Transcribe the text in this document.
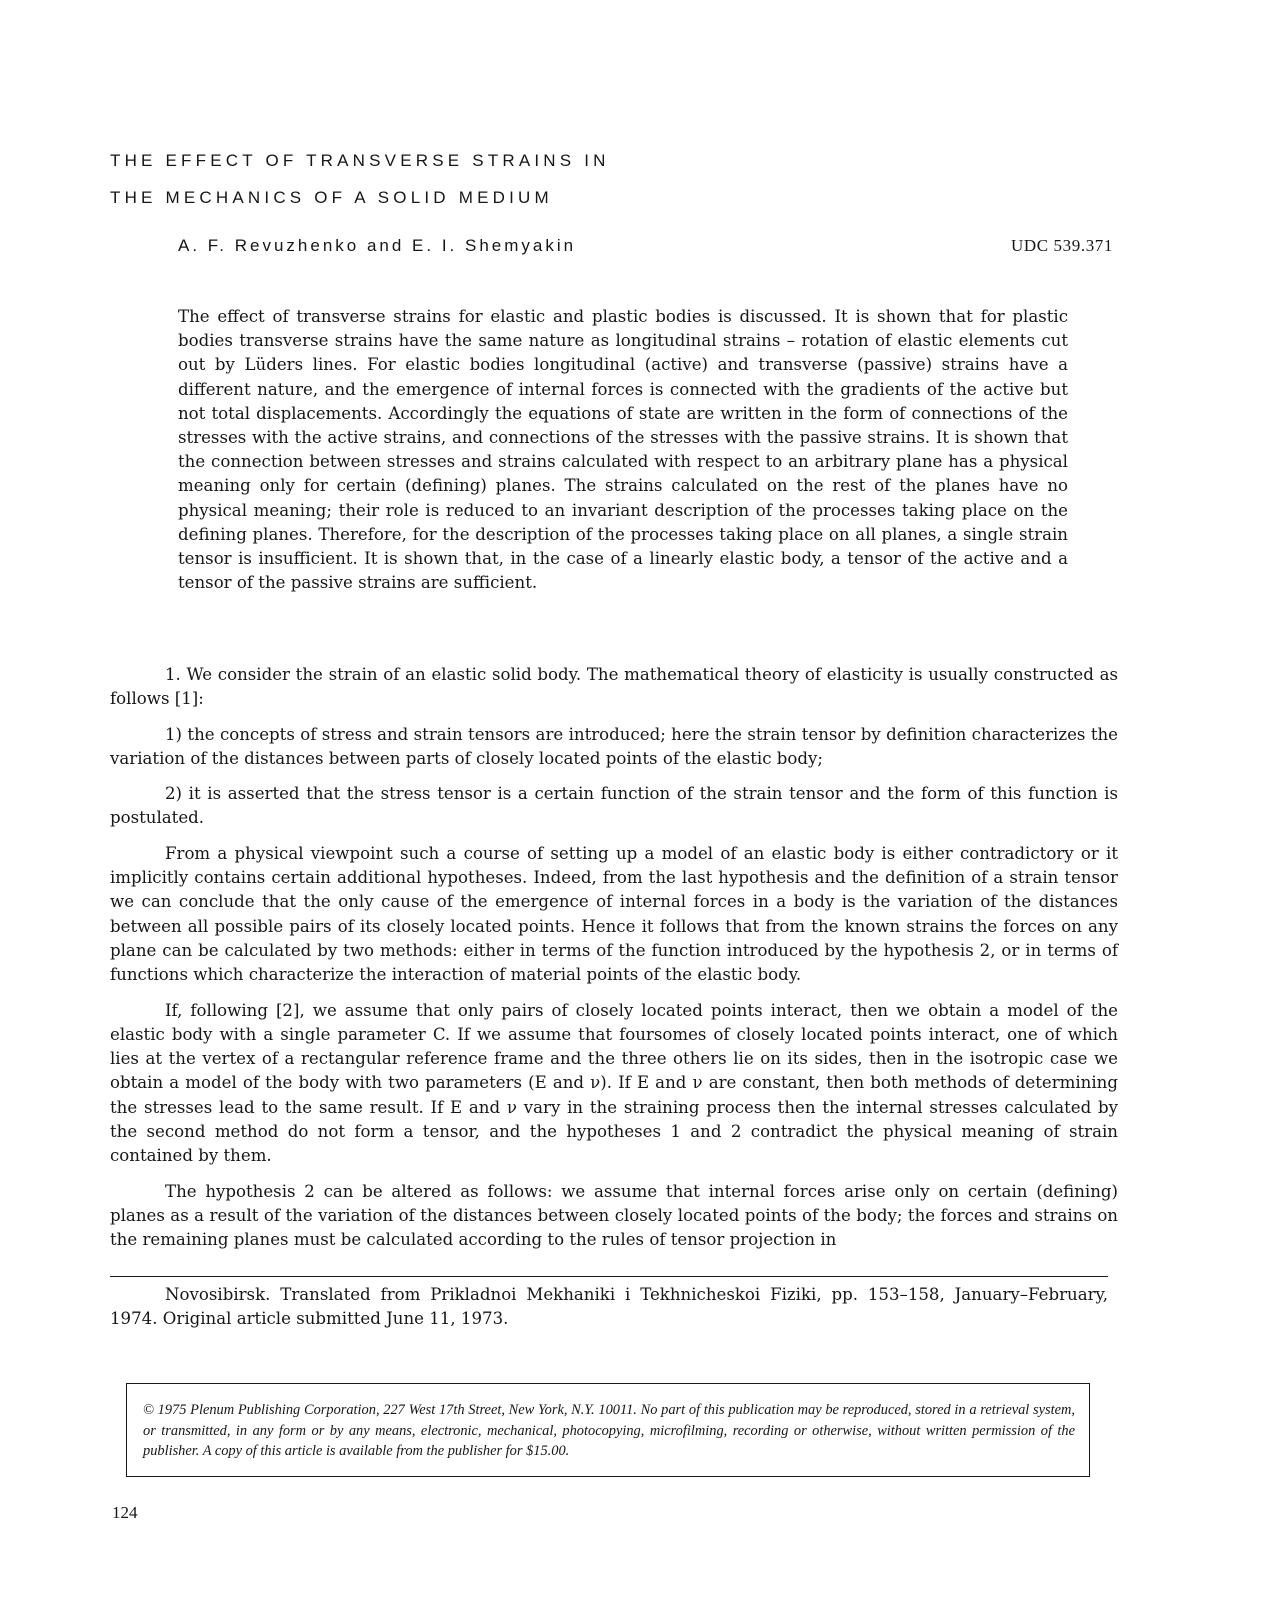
THE EFFECT OF TRANSVERSE STRAINS IN
THE MECHANICS OF A SOLID MEDIUM
A. F. Revuzhenko and E. I. Shemyakin	UDC 539.371

The effect of transverse strains for elastic and plastic bodies is discussed. It is shown that for plastic bodies transverse strains have the same nature as longitudinal strains – rotation of elastic elements cut out by Lüders lines. For elastic bodies longitudinal (active) and transverse (passive) strains have a different nature, and the emergence of internal forces is connected with the gradients of the active but not total displacements. Accordingly the equations of state are written in the form of connections of the stresses with the active strains, and connections of the stresses with the passive strains. It is shown that the connection between stresses and strains calculated with respect to an arbitrary plane has a physical meaning only for certain (defining) planes. The strains calculated on the rest of the planes have no physical meaning; their role is reduced to an invariant description of the processes taking place on the defining planes. Therefore, for the description of the processes taking place on all planes, a single strain tensor is insufficient. It is shown that, in the case of a linearly elastic body, a tensor of the active and a tensor of the passive strains are sufficient.

1. We consider the strain of an elastic solid body. The mathematical theory of elasticity is usually constructed as follows [1]:

1) the concepts of stress and strain tensors are introduced; here the strain tensor by definition characterizes the variation of the distances between parts of closely located points of the elastic body;

2) it is asserted that the stress tensor is a certain function of the strain tensor and the form of this function is postulated.

From a physical viewpoint such a course of setting up a model of an elastic body is either contradictory or it implicitly contains certain additional hypotheses. Indeed, from the last hypothesis and the definition of a strain tensor we can conclude that the only cause of the emergence of internal forces in a body is the variation of the distances between all possible pairs of its closely located points. Hence it follows that from the known strains the forces on any plane can be calculated by two methods: either in terms of the function introduced by the hypothesis 2, or in terms of functions which characterize the interaction of material points of the elastic body.

If, following [2], we assume that only pairs of closely located points interact, then we obtain a model of the elastic body with a single parameter C. If we assume that foursomes of closely located points interact, one of which lies at the vertex of a rectangular reference frame and the three others lie on its sides, then in the isotropic case we obtain a model of the body with two parameters (E and ν). If E and ν are constant, then both methods of determining the stresses lead to the same result. If E and ν vary in the straining process then the internal stresses calculated by the second method do not form a tensor, and the hypotheses 1 and 2 contradict the physical meaning of strain contained by them.

The hypothesis 2 can be altered as follows: we assume that internal forces arise only on certain (defining) planes as a result of the variation of the distances between closely located points of the body; the forces and strains on the remaining planes must be calculated according to the rules of tensor projection in

Novosibirsk. Translated from Prikladnoi Mekhaniki i Tekhnicheskoi Fiziki, pp. 153–158, January–February, 1974. Original article submitted June 11, 1973.

© 1975 Plenum Publishing Corporation, 227 West 17th Street, New York, N.Y. 10011. No part of this publication may be reproduced, stored in a retrieval system, or transmitted, in any form or by any means, electronic, mechanical, photocopying, microfilming, recording or otherwise, without written permission of the publisher. A copy of this article is available from the publisher for $15.00.

124
